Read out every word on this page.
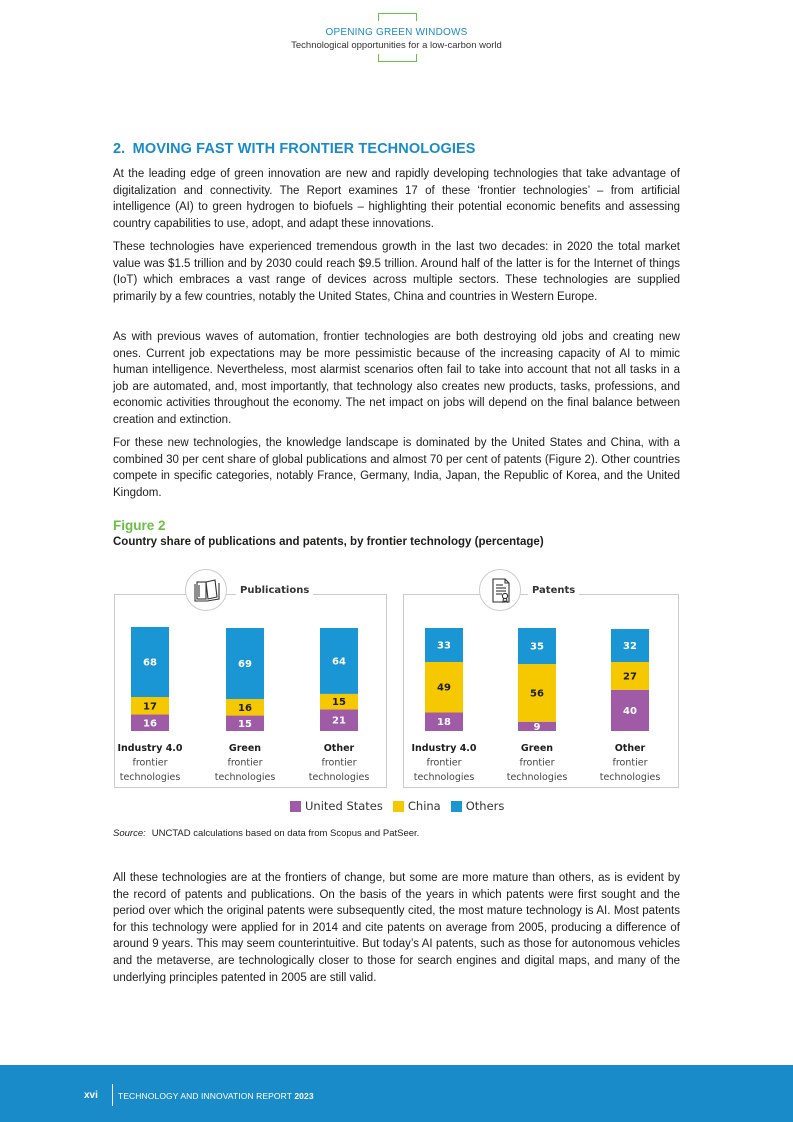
OPENING GREEN WINDOWS
Technological opportunities for a low-carbon world
2. MOVING FAST WITH FRONTIER TECHNOLOGIES

At the leading edge of green innovation are new and rapidly developing technologies that take advantage of digitalization and connectivity. The Report examines 17 of these ‘frontier technologies’ – from artificial intelligence (AI) to green hydrogen to biofuels – highlighting their potential economic benefits and assessing country capabilities to use, adopt, and adapt these innovations.

These technologies have experienced tremendous growth in the last two decades: in 2020 the total market value was $1.5 trillion and by 2030 could reach $9.5 trillion. Around half of the latter is for the Internet of things (IoT) which embraces a vast range of devices across multiple sectors. These technologies are supplied primarily by a few countries, notably the United States, China and countries in Western Europe.

As with previous waves of automation, frontier technologies are both destroying old jobs and creating new ones. Current job expectations may be more pessimistic because of the increasing capacity of AI to mimic human intelligence. Nevertheless, most alarmist scenarios often fail to take into account that not all tasks in a job are automated, and, most importantly, that technology also creates new products, tasks, professions, and economic activities throughout the economy. The net impact on jobs will depend on the final balance between creation and extinction.

For these new technologies, the knowledge landscape is dominated by the United States and China, with a combined 30 per cent share of global publications and almost 70 per cent of patents (Figure 2). Other countries compete in specific categories, notably France, Germany, India, Japan, the Republic of Korea, and the United Kingdom.

Figure 2
Country share of publications and patents, by frontier technology (percentage)
Publications	Patents
16
17
68
Industry 4.0
frontier
technologies
15
16
69
Green
frontier
technologies
21
15
64
Other
frontier
technologies
18
49
33
Industry 4.0
frontier
technologies
9
56
35
Green
frontier
technologies
40
27
32
Other
frontier
technologies
United States China Others
Source: UNCTAD calculations based on data from Scopus and PatSeer.

All these technologies are at the frontiers of change, but some are more mature than others, as is evident by the record of patents and publications. On the basis of the years in which patents were first sought and the period over which the original patents were subsequently cited, the most mature technology is AI. Most patents for this technology were applied for in 2014 and cite patents on average from 2005, producing a difference of around 9 years. This may seem counterintuitive. But today’s AI patents, such as those for autonomous vehicles and the metaverse, are technologically closer to those for search engines and digital maps, and many of the underlying principles patented in 2005 are still valid.

xvi TECHNOLOGY AND INNOVATION REPORT 2023
